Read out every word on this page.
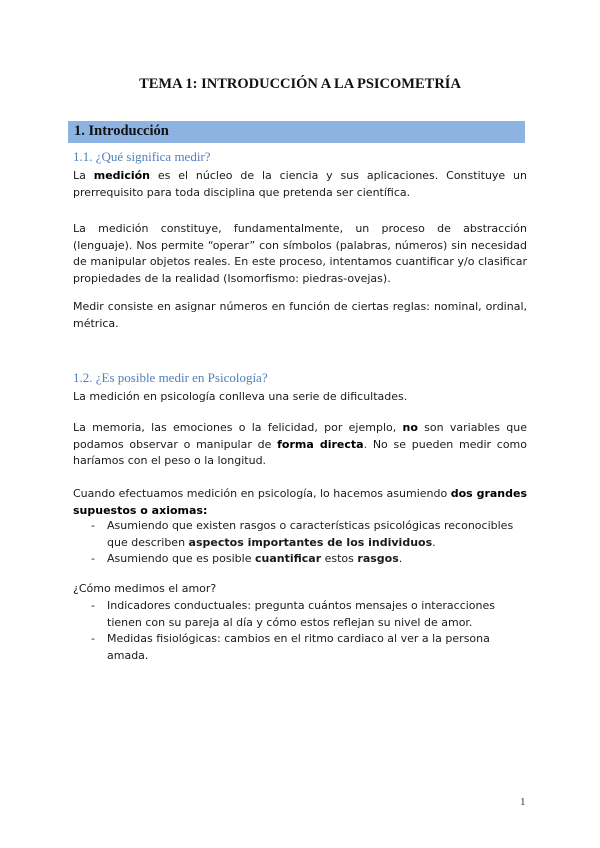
TEMA 1: INTRODUCCIÓN A LA PSICOMETRÍA
1. Introducción
1.1. ¿Qué significa medir?

La medición es el núcleo de la ciencia y sus aplicaciones. Constituye un prerrequisito para toda disciplina que pretenda ser científica.

La medición constituye, fundamentalmente, un proceso de abstracción (lenguaje). Nos permite “operar” con símbolos (palabras, números) sin necesidad de manipular objetos reales. En este proceso, intentamos cuantificar y/o clasificar propiedades de la realidad (Isomorfismo: piedras-ovejas).

Medir consiste en asignar números en función de ciertas reglas: nominal, ordinal, métrica.

1.2. ¿Es posible medir en Psicología?

La medición en psicología conlleva una serie de dificultades.

La memoria, las emociones o la felicidad, por ejemplo, no son variables que podamos observar o manipular de forma directa. No se pueden medir como haríamos con el peso o la longitud.

Cuando efectuamos medición en psicología, lo hacemos asumiendo dos grandes supuestos o axiomas:

- Asumiendo que existen rasgos o características psicológicas reconocibles que describen aspectos importantes de los individuos.
- Asumiendo que es posible cuantificar estos rasgos.

¿Cómo medimos el amor?

- Indicadores conductuales: pregunta cuántos mensajes o interacciones tienen con su pareja al día y cómo estos reflejan su nivel de amor.
- Medidas fisiológicas: cambios en el ritmo cardiaco al ver a la persona amada.
1
